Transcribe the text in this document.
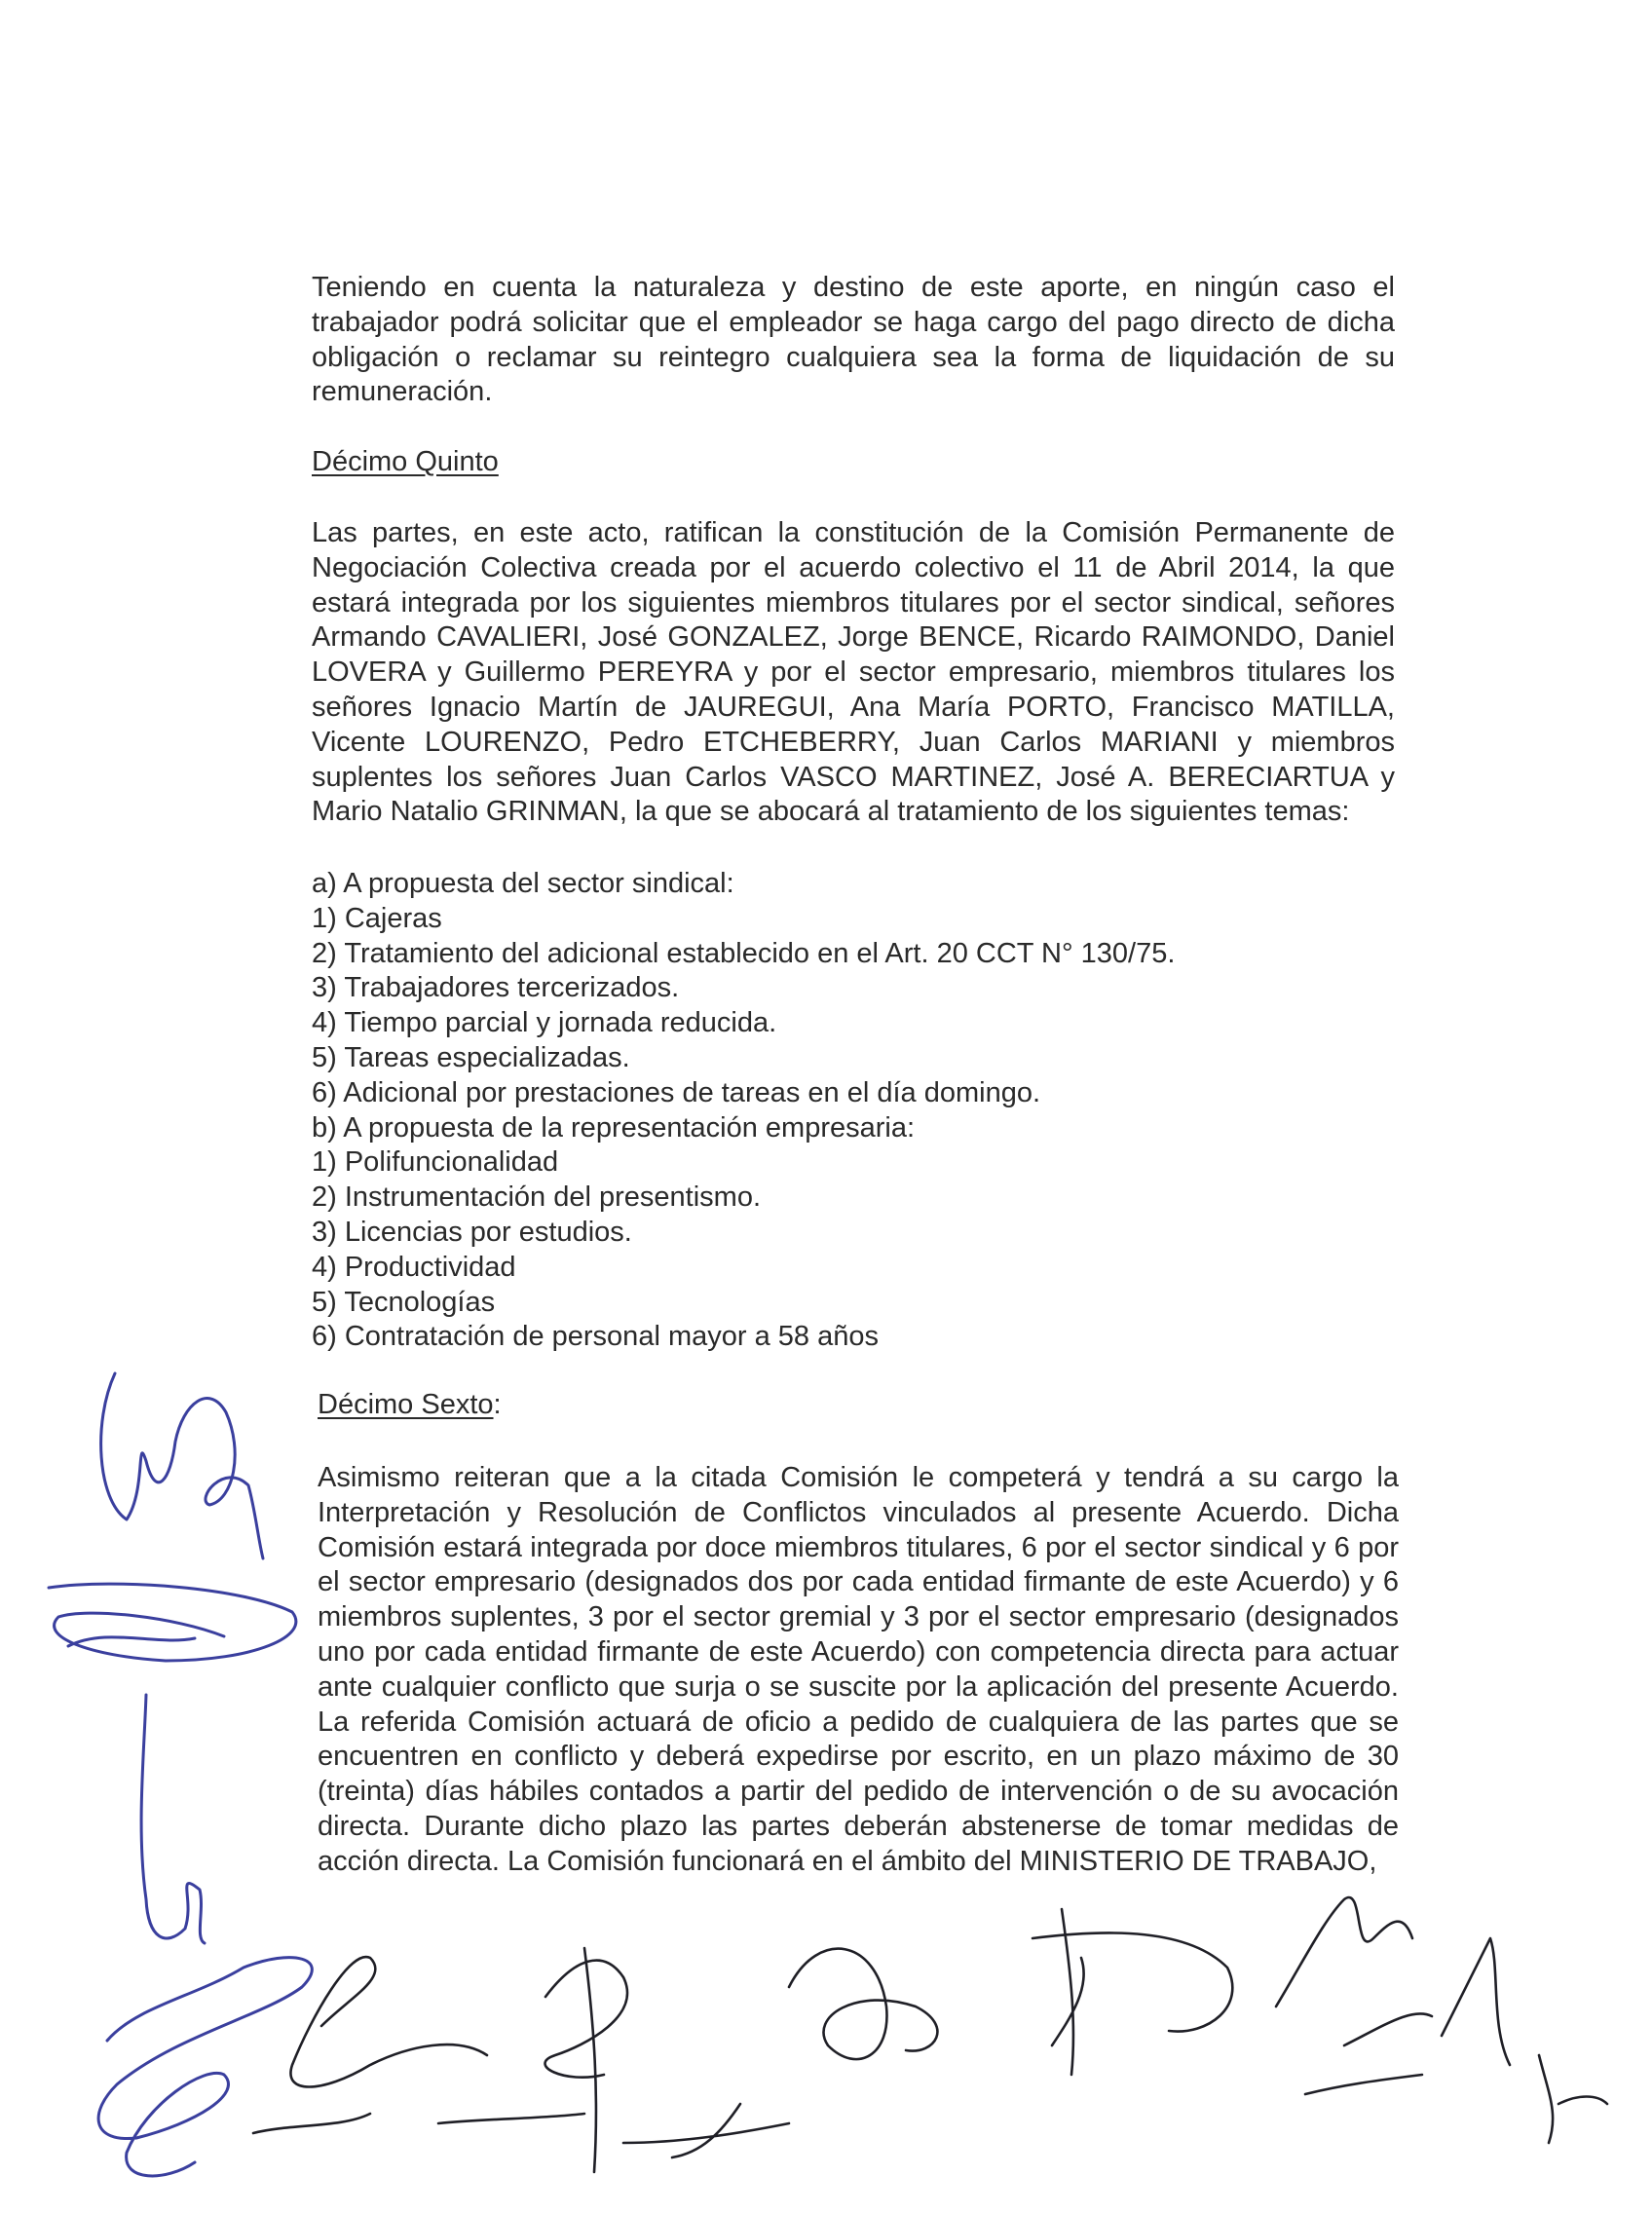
Teniendo en cuenta la naturaleza y destino de este aporte, en ningún caso el trabajador podrá solicitar que el empleador se haga cargo del pago directo de dicha obligación o reclamar su reintegro cualquiera sea la forma de liquidación de su remuneración.
Décimo Quinto
Las partes, en este acto, ratifican la constitución de la Comisión Permanente de Negociación Colectiva creada por el acuerdo colectivo el 11 de Abril 2014, la que estará integrada por los siguientes miembros titulares por el sector sindical, señores Armando CAVALIERI, José GONZALEZ, Jorge BENCE, Ricardo RAIMONDO, Daniel LOVERA y Guillermo PEREYRA y por el sector empresario, miembros titulares los señores Ignacio Martín de JAUREGUI, Ana María PORTO, Francisco MATILLA, Vicente LOURENZO, Pedro ETCHEBERRY, Juan Carlos MARIANI y miembros suplentes los señores Juan Carlos VASCO MARTINEZ, José A. BERECIARTUA y Mario Natalio GRINMAN, la que se abocará al tratamiento de los siguientes temas:
a) A propuesta del sector sindical:
1) Cajeras
2) Tratamiento del adicional establecido en el Art. 20 CCT N° 130/75.
3) Trabajadores tercerizados.
4) Tiempo parcial y jornada reducida.
5) Tareas especializadas.
6) Adicional por prestaciones de tareas en el día domingo.
b) A propuesta de la representación empresaria:
1) Polifuncionalidad
2) Instrumentación del presentismo.
3) Licencias por estudios.
4) Productividad
5) Tecnologías
6) Contratación de personal mayor a 58 años
Décimo Sexto:
Asimismo reiteran que a la citada Comisión le competerá y tendrá a su cargo la Interpretación y Resolución de Conflictos vinculados al presente Acuerdo. Dicha Comisión estará integrada por doce miembros titulares, 6 por el sector sindical y 6 por el sector empresario (designados dos por cada entidad firmante de este Acuerdo) y 6 miembros suplentes, 3 por el sector gremial y 3 por el sector empresario (designados uno por cada entidad firmante de este Acuerdo) con competencia directa para actuar ante cualquier conflicto que surja o se suscite por la aplicación del presente Acuerdo. La referida Comisión actuará de oficio a pedido de cualquiera de las partes que se encuentren en conflicto y deberá expedirse por escrito, en un plazo máximo de 30 (treinta) días hábiles contados a partir del pedido de intervención o de su avocación directa. Durante dicho plazo las partes deberán abstenerse de tomar medidas de acción directa. La Comisión funcionará en el ámbito del MINISTERIO DE TRABAJO,
